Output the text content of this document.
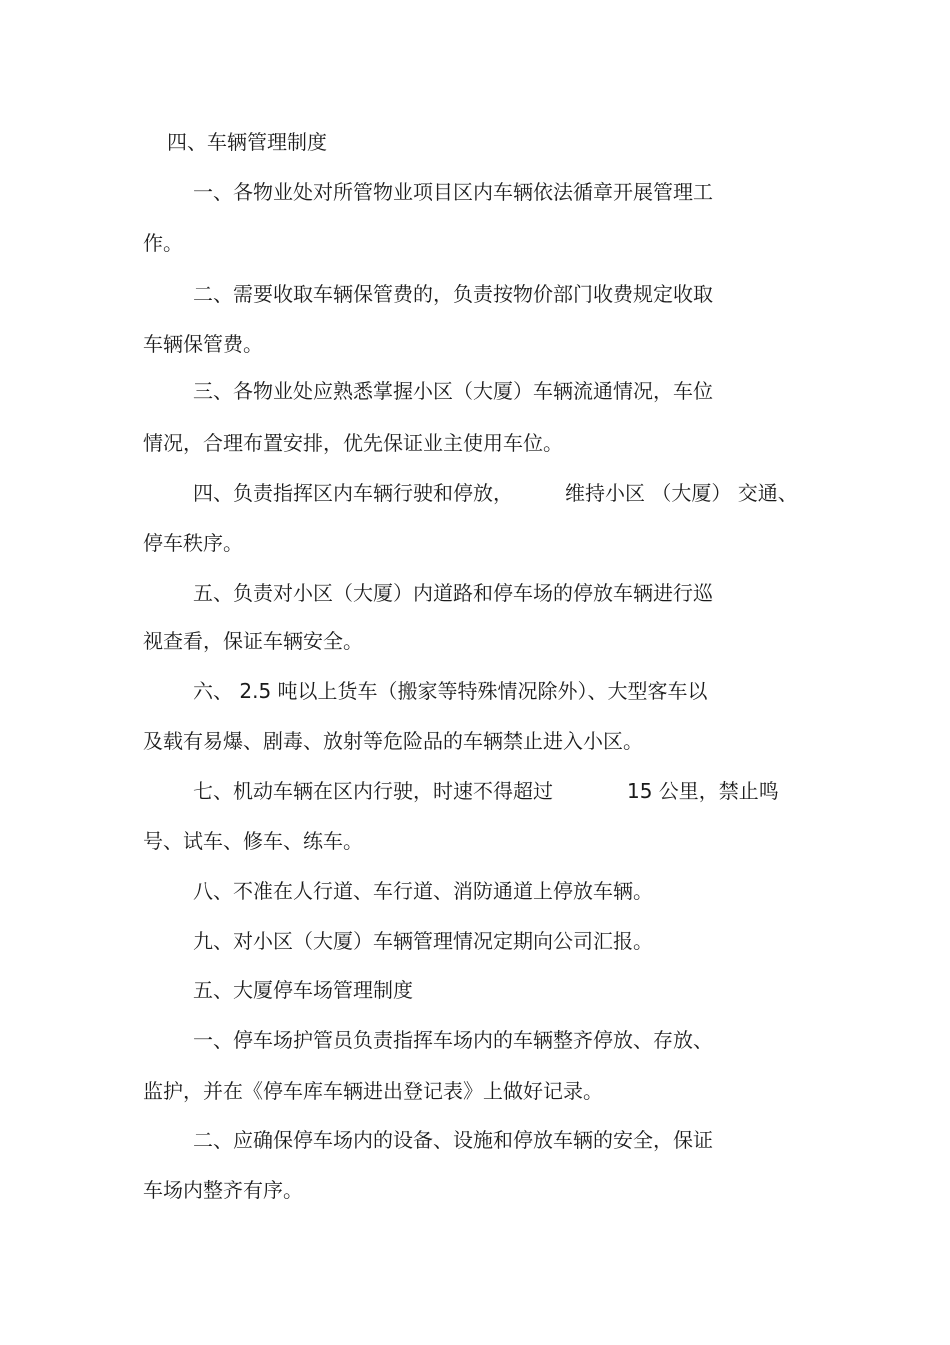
四、车辆管理制度
一、各物业处对所管物业项目区内车辆依法循章开展管理工
作。
二、需要收取车辆保管费的，负责按物价部门收费规定收取
车辆保管费。
三、各物业处应熟悉掌握小区（大厦）车辆流通情况，车位
情况，合理布置安排，优先保证业主使用车位。
四、负责指挥区内车辆行驶和停放，	维持小区 （大厦） 交通、
停车秩序。
五、负责对小区（大厦）内道路和停车场的停放车辆进行巡
视查看，保证车辆安全。
六、 2.5 吨以上货车（搬家等特殊情况除外）、大型客车以
及载有易爆、剧毒、放射等危险品的车辆禁止进入小区。
七、机动车辆在区内行驶，时速不得超过	15 公里，禁止鸣
号、试车、修车、练车。
八、不准在人行道、车行道、消防通道上停放车辆。
九、对小区（大厦）车辆管理情况定期向公司汇报。
五、大厦停车场管理制度
一、停车场护管员负责指挥车场内的车辆整齐停放、存放、
监护，并在《停车库车辆进出登记表》上做好记录。
二、应确保停车场内的设备、设施和停放车辆的安全，保证
车场内整齐有序。
